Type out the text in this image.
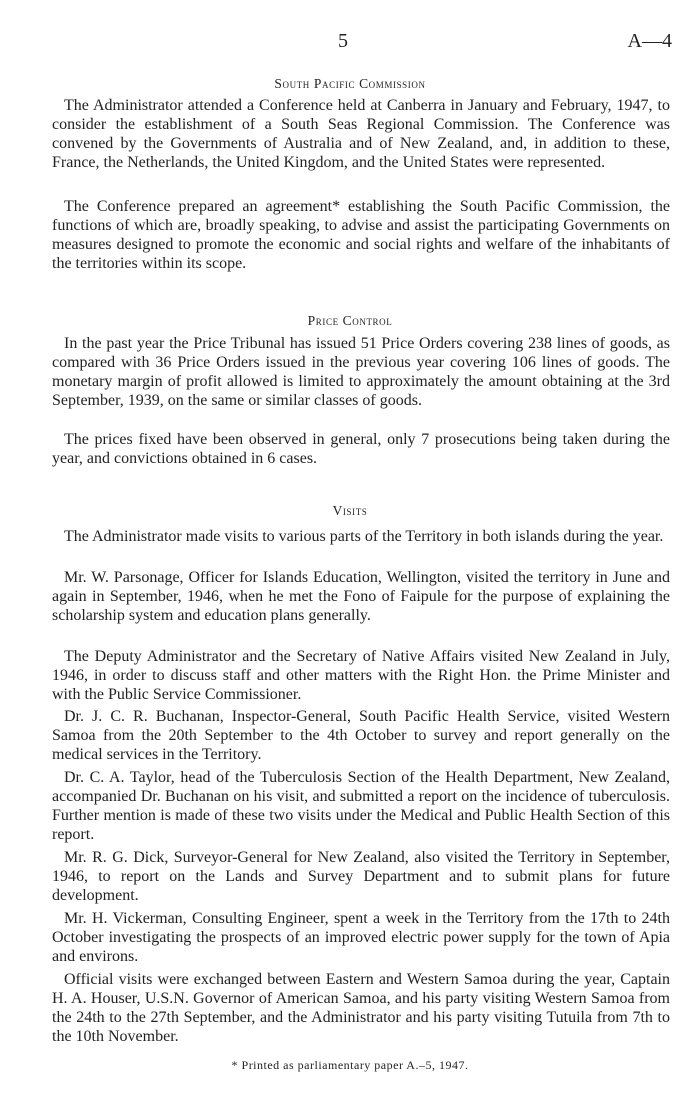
5	A—4
South Pacific Commission

The Administrator attended a Conference held at Canberra in January and February, 1947, to consider the establishment of a South Seas Regional Commission. The Conference was convened by the Governments of Australia and of New Zealand, and, in addition to these, France, the Netherlands, the United Kingdom, and the United States were represented.

The Conference prepared an agreement* establishing the South Pacific Commission, the functions of which are, broadly speaking, to advise and assist the participating Governments on measures designed to promote the economic and social rights and welfare of the inhabitants of the territories within its scope.

Price Control

In the past year the Price Tribunal has issued 51 Price Orders covering 238 lines of goods, as compared with 36 Price Orders issued in the previous year covering 106 lines of goods. The monetary margin of profit allowed is limited to approximately the amount obtaining at the 3rd September, 1939, on the same or similar classes of goods.

The prices fixed have been observed in general, only 7 prosecutions being taken during the year, and convictions obtained in 6 cases.

Visits

The Administrator made visits to various parts of the Territory in both islands during the year.

Mr. W. Parsonage, Officer for Islands Education, Wellington, visited the territory in June and again in September, 1946, when he met the Fono of Faipule for the purpose of explaining the scholarship system and education plans generally.

The Deputy Administrator and the Secretary of Native Affairs visited New Zealand in July, 1946, in order to discuss staff and other matters with the Right Hon. the Prime Minister and with the Public Service Commissioner.

Dr. J. C. R. Buchanan, Inspector-General, South Pacific Health Service, visited Western Samoa from the 20th September to the 4th October to survey and report generally on the medical services in the Territory.

Dr. C. A. Taylor, head of the Tuberculosis Section of the Health Department, New Zealand, accompanied Dr. Buchanan on his visit, and submitted a report on the incidence of tuberculosis. Further mention is made of these two visits under the Medical and Public Health Section of this report.

Mr. R. G. Dick, Surveyor-General for New Zealand, also visited the Territory in September, 1946, to report on the Lands and Survey Department and to submit plans for future development.

Mr. H. Vickerman, Consulting Engineer, spent a week in the Territory from the 17th to 24th October investigating the prospects of an improved electric power supply for the town of Apia and environs.

Official visits were exchanged between Eastern and Western Samoa during the year, Captain H. A. Houser, U.S.N. Governor of American Samoa, and his party visiting Western Samoa from the 24th to the 27th September, and the Administrator and his party visiting Tutuila from 7th to the 10th November.

* Printed as parliamentary paper A.–5, 1947.
